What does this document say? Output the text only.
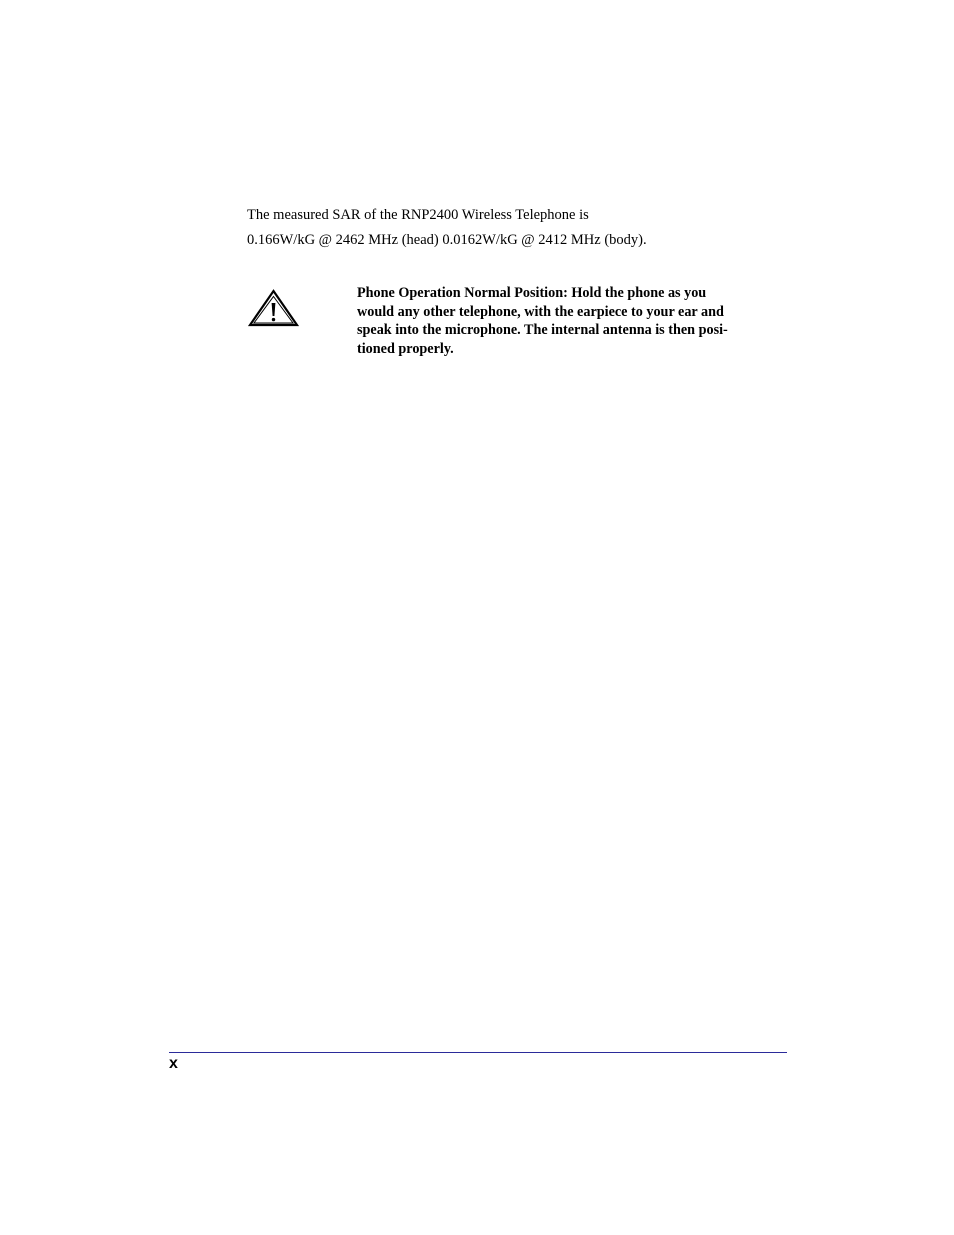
The measured SAR of the RNP2400 Wireless Telephone is

0.166W/kG @ 2462 MHz (head) 0.0162W/kG @ 2412 MHz (body).

Phone Operation Normal Position: Hold the phone as you
would any other telephone, with the earpiece to your ear and
speak into the microphone. The internal antenna is then posi-
tioned properly.
x
